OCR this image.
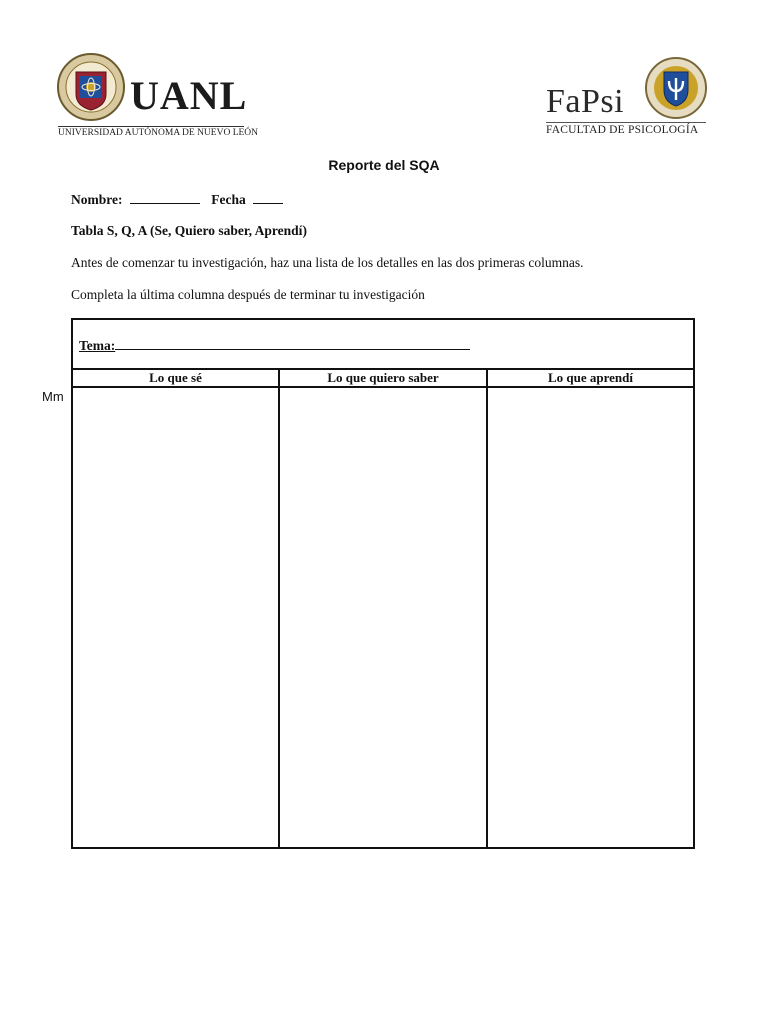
UANL
UNIVERSIDAD AUTÓNOMA DE NUEVO LEÓN
FaPsi
FACULTAD DE PSICOLOGÍA
Reporte del SQA
Nombre:	Fecha
Tabla S, Q, A (Se, Quiero saber, Aprendí)
Antes de comenzar tu investigación, haz una lista de los detalles en las dos primeras columnas.
Completa la última columna después de terminar tu investigación
Mm
Tema:
Lo que sé	Lo que quiero saber	Lo que aprendí
